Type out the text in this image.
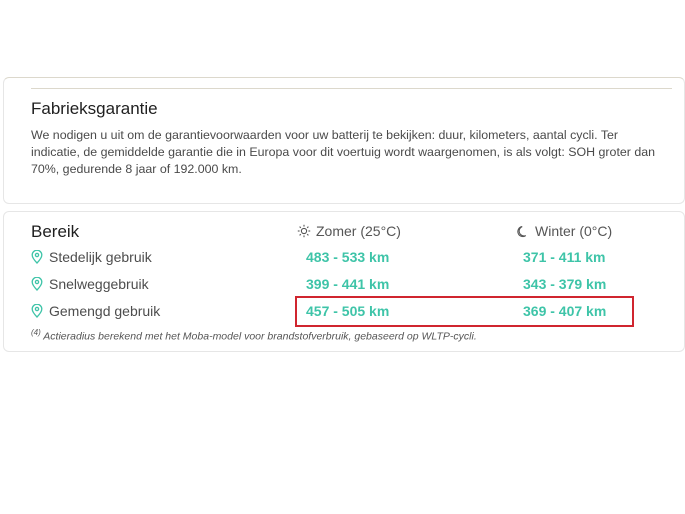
Fabrieksgarantie
We nodigen u uit om de garantievoorwaarden voor uw batterij te bekijken: duur, kilometers, aantal cycli. Ter indicatie, de gemiddelde garantie die in Europa voor dit voertuig wordt waargenomen, is als volgt: SOH groter dan 70%, gedurende 8 jaar of 192.000 km.
Bereik	Zomer (25°C)	Winter (0°C)
Stedelijk gebruik	483 - 533 km	371 - 411 km
Snelweggebruik	399 - 441 km	343 - 379 km
Gemengd gebruik	457 - 505 km	369 - 407 km
$^{(4)}$ Actieradius berekend met het Moba-model voor brandstofverbruik, gebaseerd op WLTP-cycli.
